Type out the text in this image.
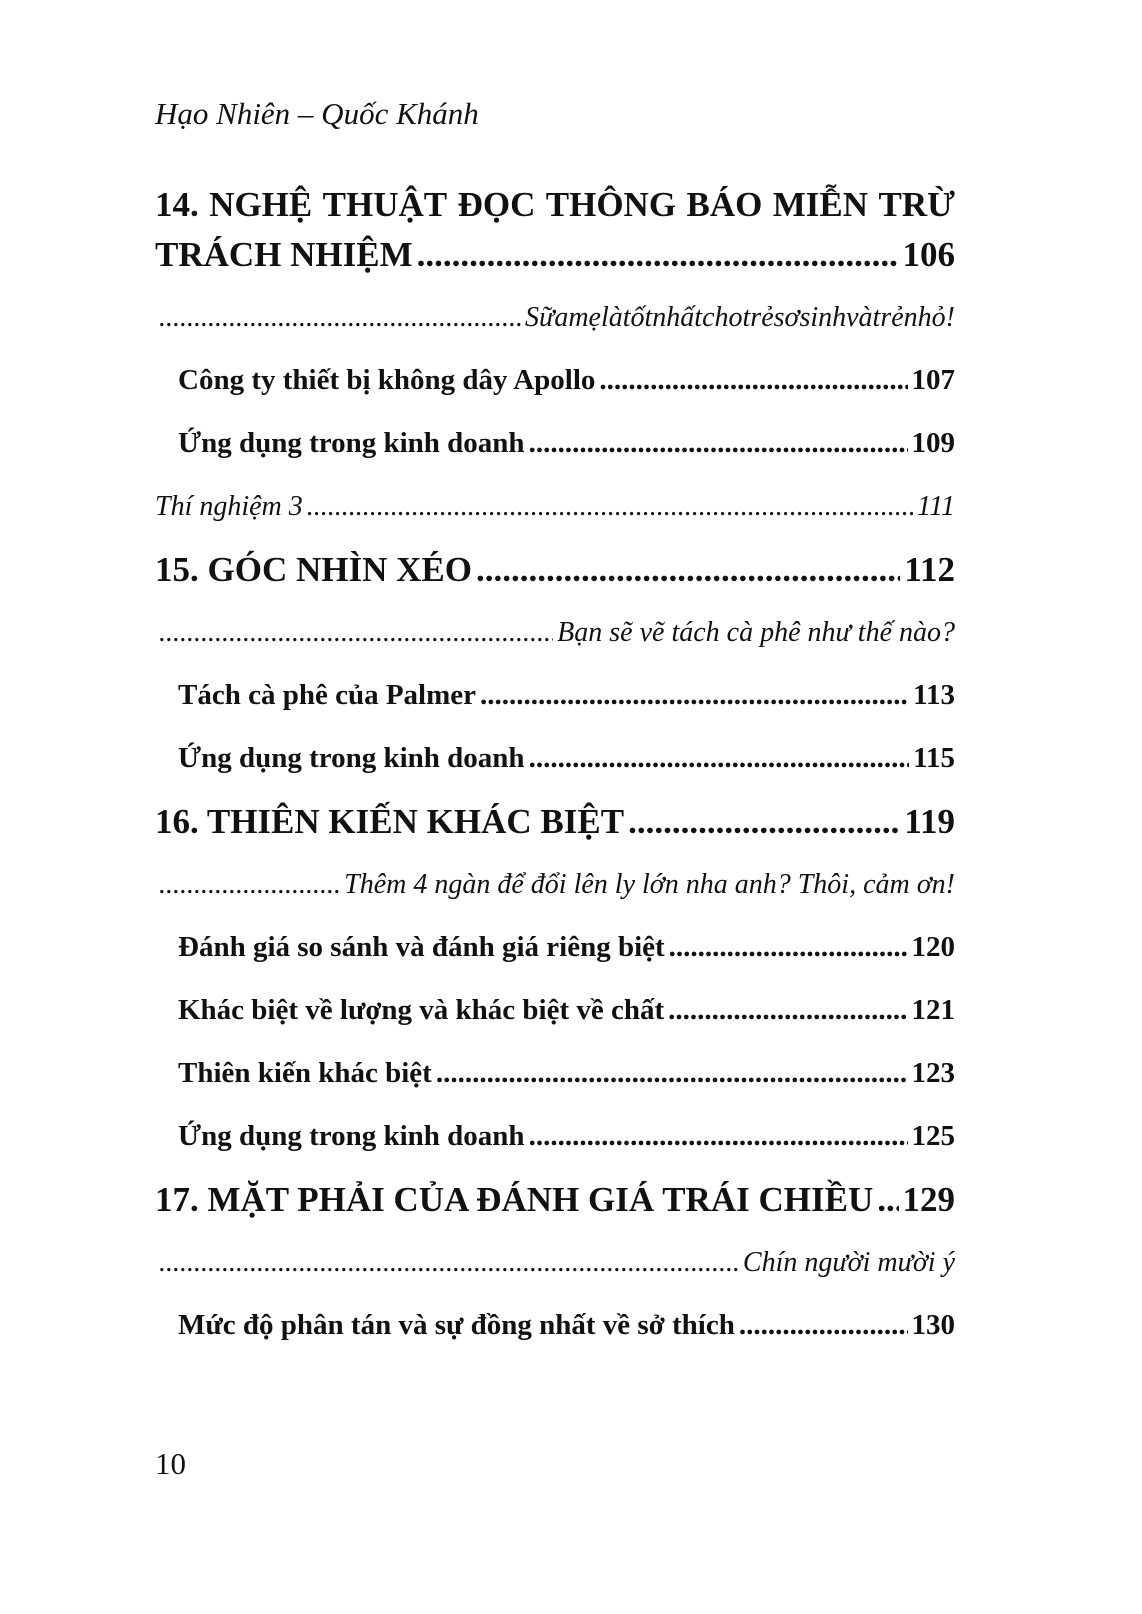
Hạo Nhiên – Quốc Khánh
14. NGHỆ THUẬT ĐỌC THÔNG BÁO MIỄN TRỪ
TRÁCH NHIỆM .....	106
.....
Sữamẹlàtốtnhấtchotrẻsơsinhvàtrẻnhỏ!
Công ty thiết bị không dây Apollo .....	107
Ứng dụng trong kinh doanh .....	109
Thí nghiệm 3 .....	111
15. GÓC NHÌN XÉO .....	112
.....
Bạn sẽ vẽ tách cà phê như thế nào?
Tách cà phê của Palmer .....	113
Ứng dụng trong kinh doanh .....	115
16. THIÊN KIẾN KHÁC BIỆT .....	119
.....
Thêm 4 ngàn để đổi lên ly lớn nha anh? Thôi, cảm ơn!
Đánh giá so sánh và đánh giá riêng biệt .....	120
Khác biệt về lượng và khác biệt về chất .....	121
Thiên kiến khác biệt .....	123
Ứng dụng trong kinh doanh .....	125
17. MẶT PHẢI CỦA ĐÁNH GIÁ TRÁI CHIỀU ..... 129
.....
Chín người mười ý
Mức độ phân tán và sự đồng nhất về sở thích .....	130
10
